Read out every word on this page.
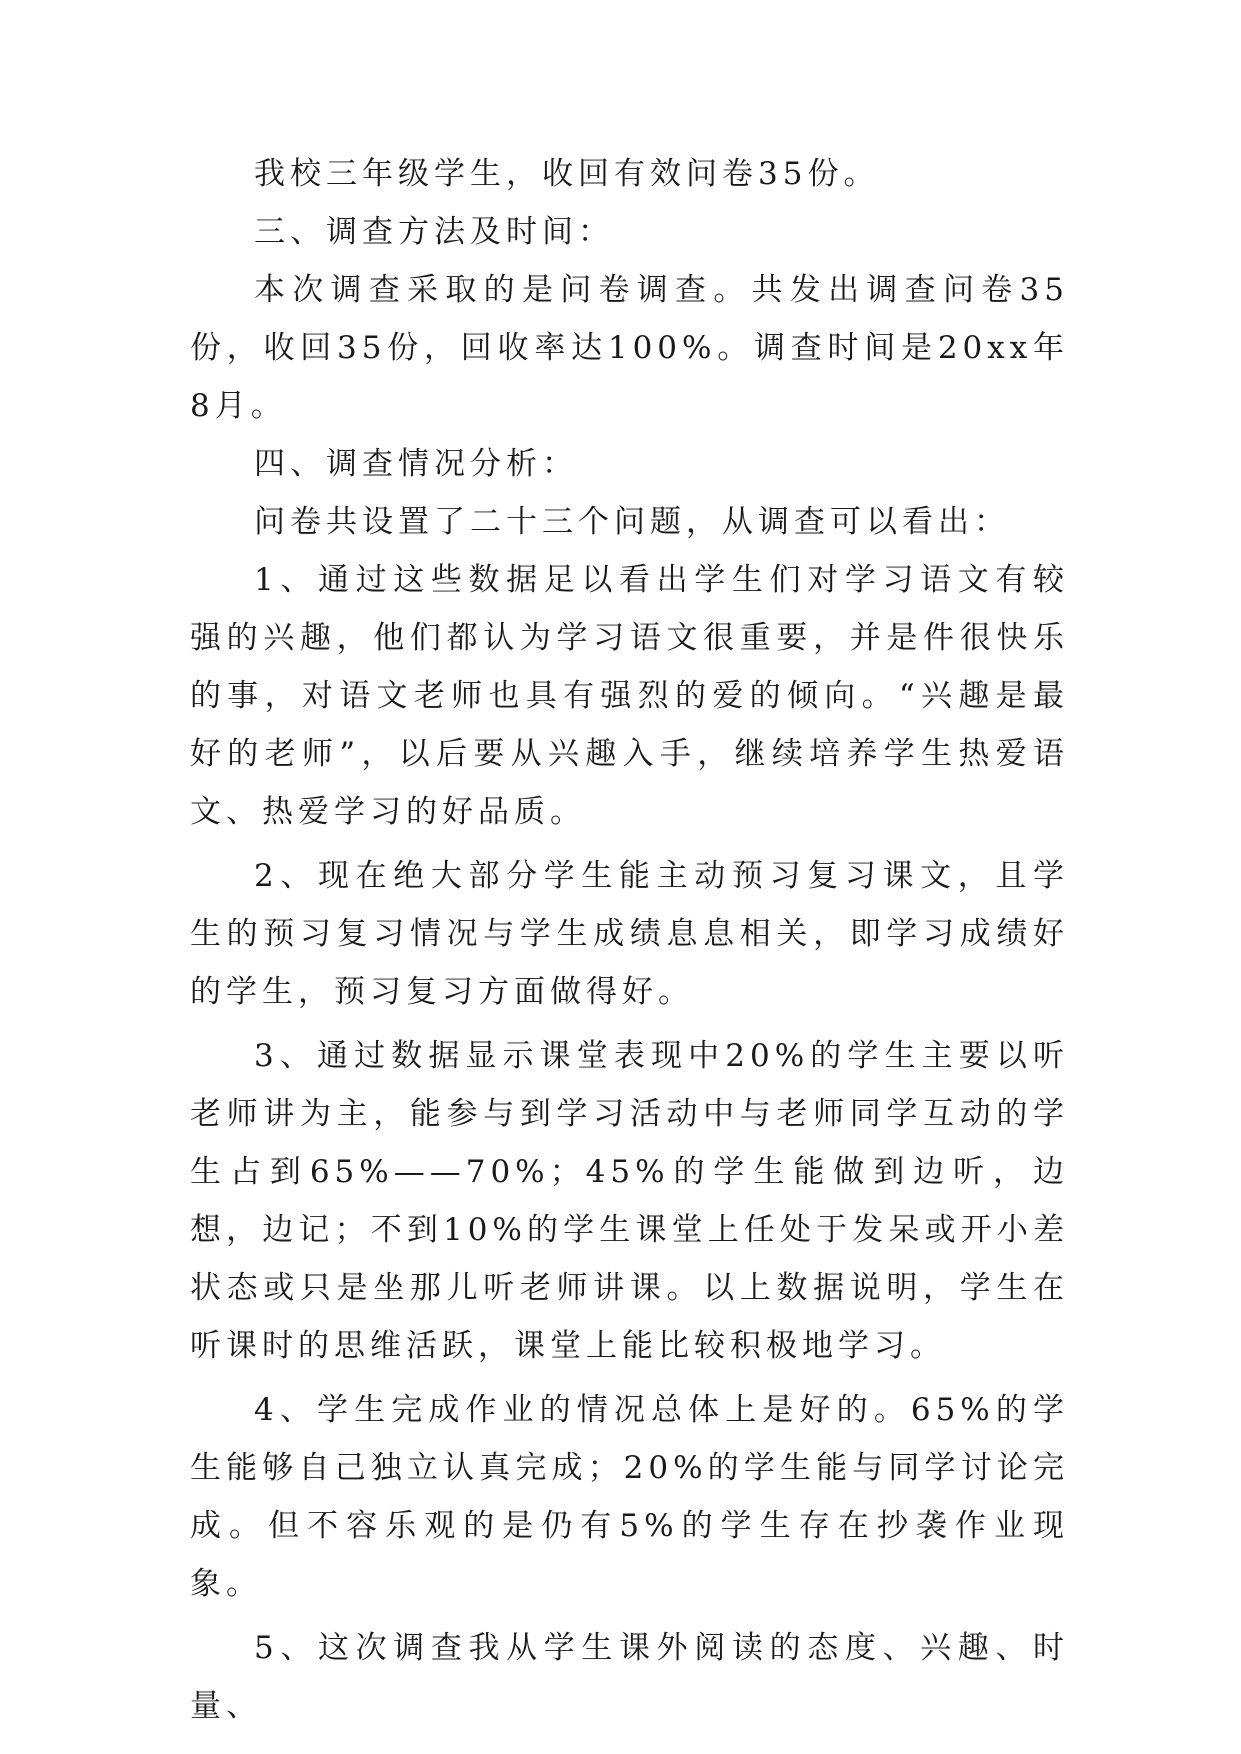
我校三年级学生，收回有效问卷35份。

三、调查方法及时间：

本次调查采取的是问卷调查。共发出调查问卷35份，收回35份，回收率达100%。调查时间是20xx年8月。

四、调查情况分析：

问卷共设置了二十三个问题，从调查可以看出：

1、通过这些数据足以看出学生们对学习语文有较强的兴趣，他们都认为学习语文很重要，并是件很快乐的事，对语文老师也具有强烈的爱的倾向。“兴趣是最好的老师”，以后要从兴趣入手，继续培养学生热爱语文、热爱学习的好品质。

2、现在绝大部分学生能主动预习复习课文，且学生的预习复习情况与学生成绩息息相关，即学习成绩好的学生，预习复习方面做得好。

3、通过数据显示课堂表现中20%的学生主要以听老师讲为主，能参与到学习活动中与老师同学互动的学生占到65%——70%；45%的学生能做到边听，边想，边记；不到10%的学生课堂上任处于发呆或开小差状态或只是坐那儿听老师讲课。以上数据说明，学生在听课时的思维活跃，课堂上能比较积极地学习。

4、学生完成作业的情况总体上是好的。65%的学生能够自己独立认真完成；20%的学生能与同学讨论完成。但不容乐观的是仍有5%的学生存在抄袭作业现象。

5、这次调查我从学生课外阅读的态度、兴趣、时量、
